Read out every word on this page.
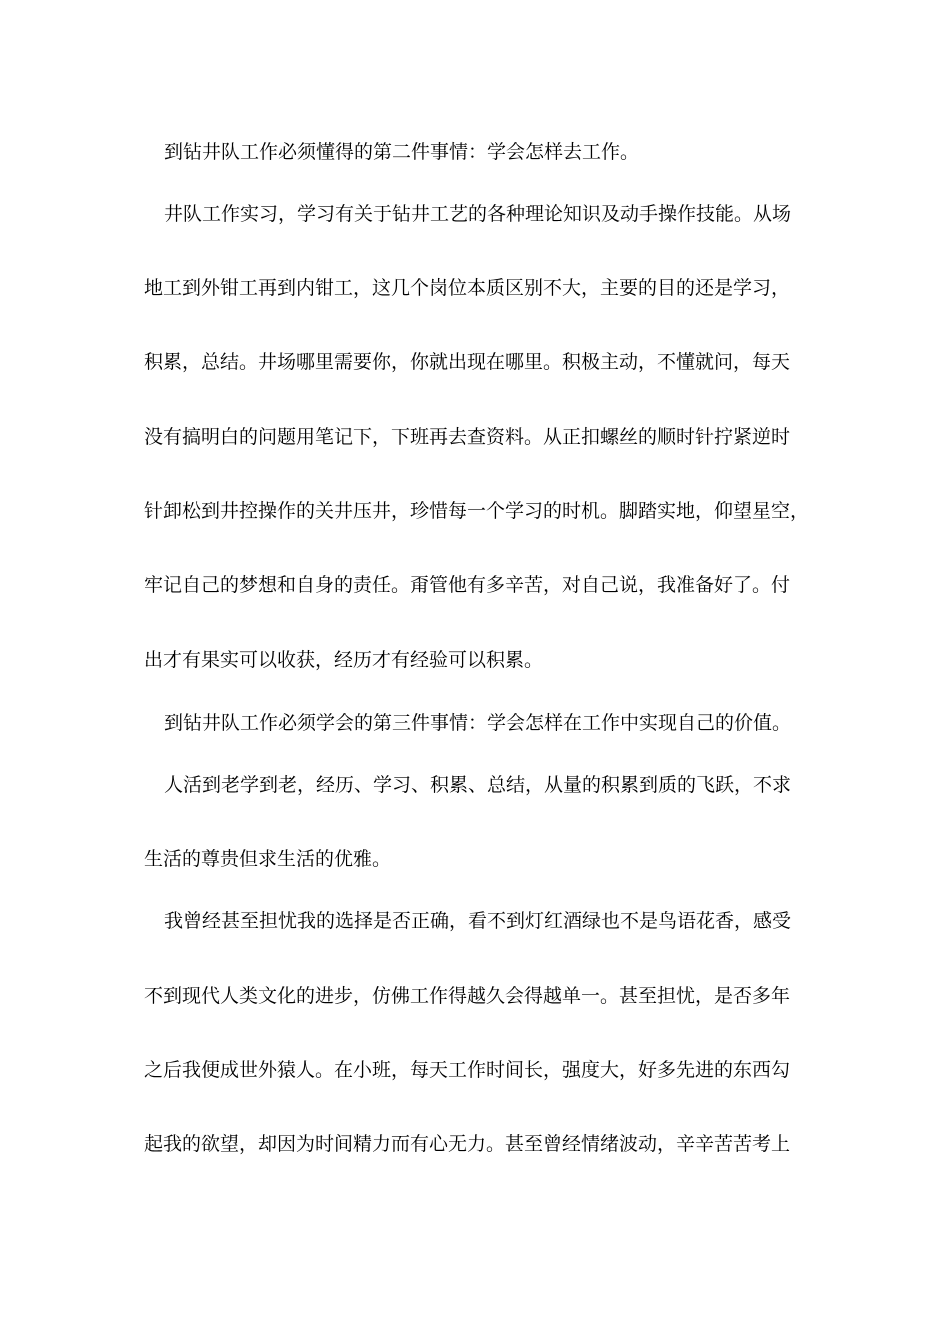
到钻井队工作必须懂得的第二件事情：学会怎样去工作。
井队工作实习，学习有关于钻井工艺的各种理论知识及动手操作技能。从场
地工到外钳工再到内钳工，这几个岗位本质区别不大，主要的目的还是学习，
积累，总结。井场哪里需要你，你就出现在哪里。积极主动，不懂就问，每天
没有搞明白的问题用笔记下，下班再去查资料。从正扣螺丝的顺时针拧紧逆时
针卸松到井控操作的关井压井，珍惜每一个学习的时机。脚踏实地，仰望星空，
牢记自己的梦想和自身的责任。甭管他有多辛苦，对自己说，我准备好了。付
出才有果实可以收获，经历才有经验可以积累。
到钻井队工作必须学会的第三件事情：学会怎样在工作中实现自己的价值。
人活到老学到老，经历、学习、积累、总结，从量的积累到质的飞跃，不求
生活的尊贵但求生活的优雅。
我曾经甚至担忧我的选择是否正确，看不到灯红酒绿也不是鸟语花香，感受
不到现代人类文化的进步，仿佛工作得越久会得越单一。甚至担忧，是否多年
之后我便成世外猿人。在小班，每天工作时间长，强度大，好多先进的东西勾
起我的欲望，却因为时间精力而有心无力。甚至曾经情绪波动，辛辛苦苦考上
